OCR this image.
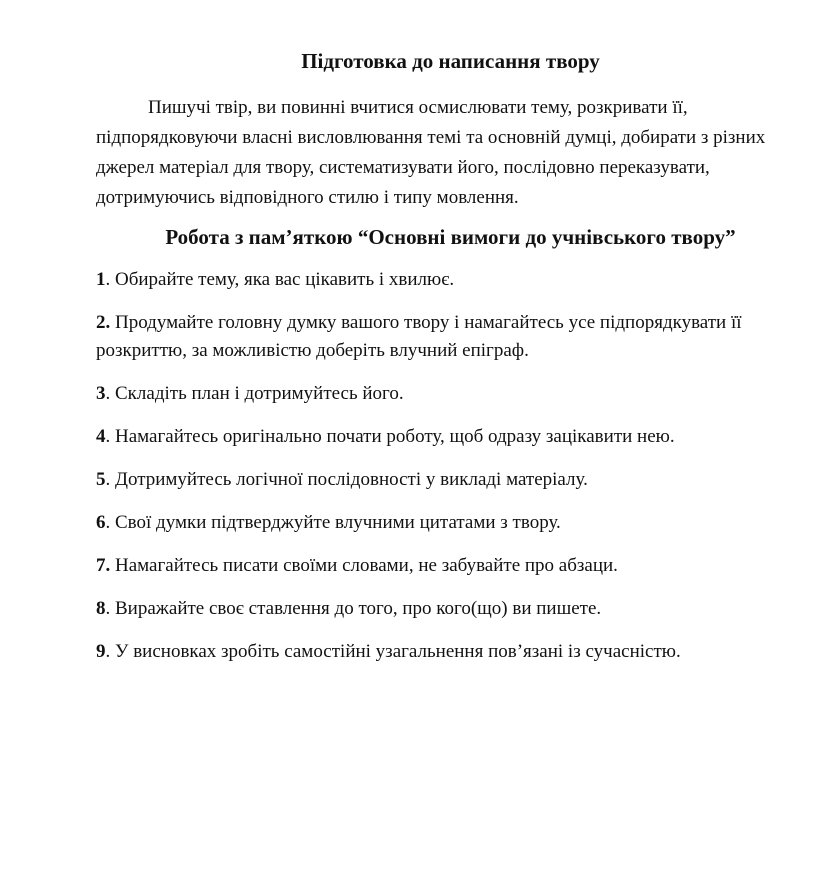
Підготовка до написання твору

Пишучі твір, ви повинні вчитися осмислювати тему, розкривати її, підпорядковуючи власні висловлювання темі та основній думці, добирати з різних джерел матеріал для твору, систематизувати його, послідовно переказувати, дотримуючись відповідного стилю і типу мовлення.

Робота з пам’яткою “Основні вимоги до учнівського твору”
1. Обирайте тему, яка вас цікавить і хвилює.
2. Продумайте головну думку вашого твору і намагайтесь усе підпорядкувати її розкриттю, за можливістю доберіть влучний епіграф.
3. Складіть план і дотримуйтесь його.
4. Намагайтесь оригінально почати роботу, щоб одразу зацікавити нею.
5. Дотримуйтесь логічної послідовності у викладі матеріалу.
6. Свої думки підтверджуйте влучними цитатами з твору.
7. Намагайтесь писати своїми словами, не забувайте про абзаци.
8. Виражайте своє ставлення до того, про кого(що) ви пишете.
9. У висновках зробіть самостійні узагальнення пов’язані із сучасністю.
